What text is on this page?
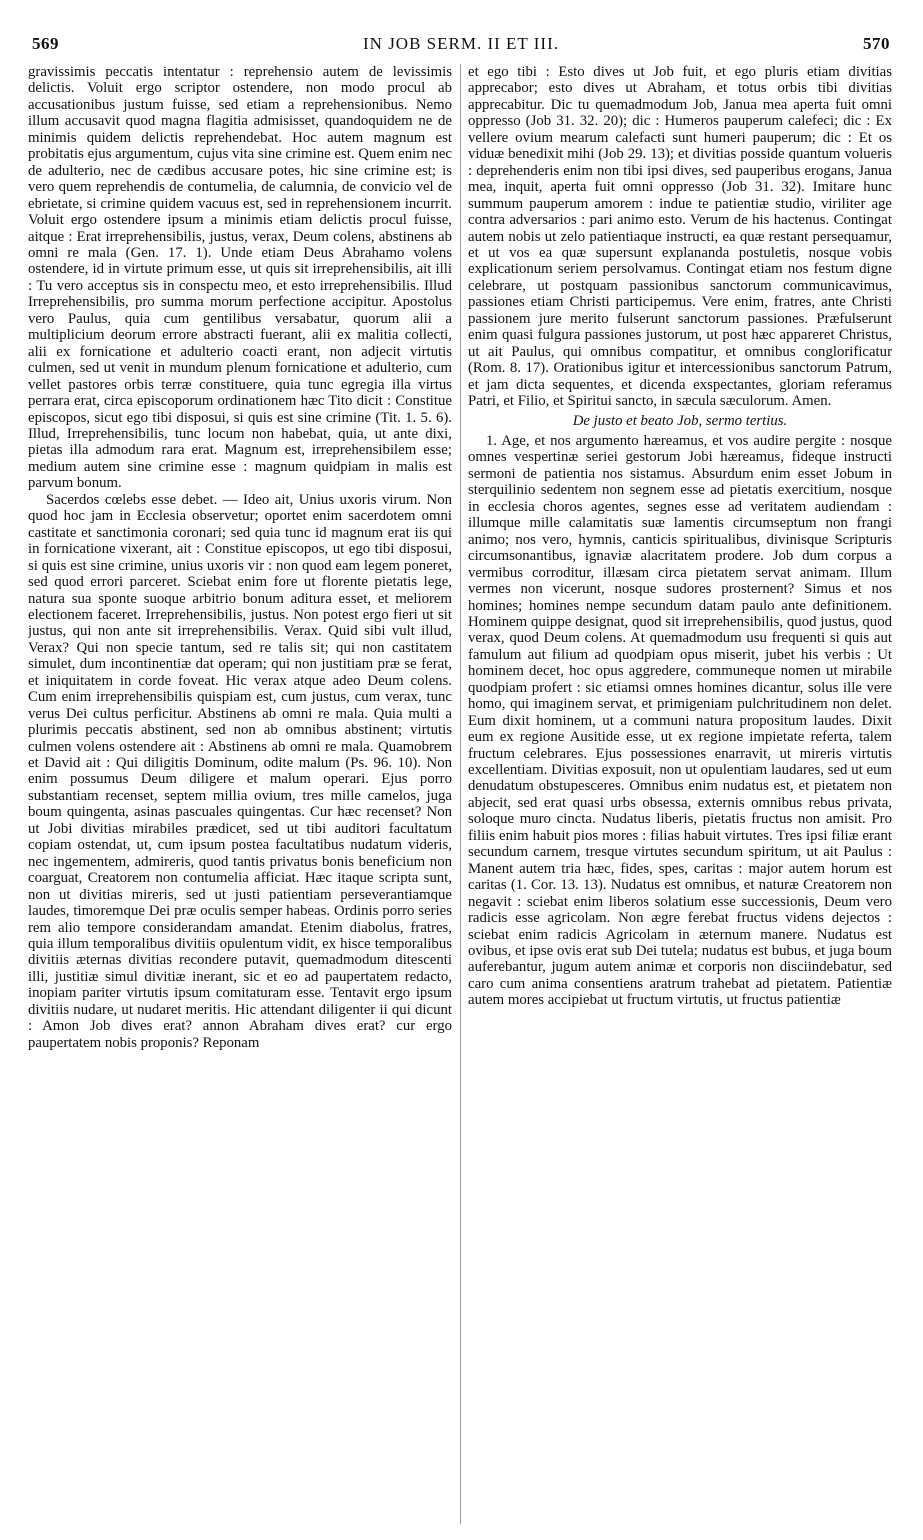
569	IN JOB SERM. II ET III.	570

gravissimis peccatis intentatur : reprehensio autem de levissimis delictis. Voluit ergo scriptor ostendere, non modo procul ab accusationibus justum fuisse, sed etiam a reprehensionibus. Nemo illum accusavit quod magna flagitia admisisset, quandoquidem ne de minimis quidem delictis reprehendebat. Hoc autem magnum est probitatis ejus argumentum, cujus vita sine crimine est. Quem enim nec de adulterio, nec de cædibus accusare potes, hic sine crimine est; is vero quem reprehendis de contumelia, de calumnia, de convicio vel de ebrietate, si crimine quidem vacuus est, sed in reprehensionem incurrit. Voluit ergo ostendere ipsum a minimis etiam delictis procul fuisse, aitque : Erat irreprehensibilis, justus, verax, Deum colens, abstinens ab omni re mala (Gen. 17. 1). Unde etiam Deus Abrahamo volens ostendere, id in virtute primum esse, ut quis sit irreprehensibilis, ait illi : Tu vero acceptus sis in conspectu meo, et esto irreprehensibilis. Illud Irreprehensibilis, pro summa morum perfectione accipitur. Apostolus vero Paulus, quia cum gentilibus versabatur, quorum alii a multiplicium deorum errore abstracti fuerant, alii ex malitia collecti, alii ex fornicatione et adulterio coacti erant, non adjecit virtutis culmen, sed ut venit in mundum plenum fornicatione et adulterio, cum vellet pastores orbis terræ constituere, quia tunc egregia illa virtus perrara erat, circa episcoporum ordinationem hæc Tito dicit : Constitue episcopos, sicut ego tibi disposui, si quis est sine crimine (Tit. 1. 5. 6). Illud, Irreprehensibilis, tunc locum non habebat, quia, ut ante dixi, pietas illa admodum rara erat. Magnum est, irreprehensibilem esse; medium autem sine crimine esse : magnum quidpiam in malis est parvum bonum.

Sacerdos cœlebs esse debet. — Ideo ait, Unius uxoris virum. Non quod hoc jam in Ecclesia observetur; oportet enim sacerdotem omni castitate et sanctimonia coronari; sed quia tunc id magnum erat iis qui in fornicatione vixerant, ait : Constitue episcopos, ut ego tibi disposui, si quis est sine crimine, unius uxoris vir : non quod eam legem poneret, sed quod errori parceret. Sciebat enim fore ut florente pietatis lege, natura sua sponte suoque arbitrio bonum aditura esset, et meliorem electionem faceret. Irreprehensibilis, justus. Non potest ergo fieri ut sit justus, qui non ante sit irreprehensibilis. Verax. Quid sibi vult illud, Verax? Qui non specie tantum, sed re talis sit; qui non castitatem simulet, dum incontinentiæ dat operam; qui non justitiam præ se ferat, et iniquitatem in corde foveat. Hic verax atque adeo Deum colens. Cum enim irreprehensibilis quispiam est, cum justus, cum verax, tunc verus Dei cultus perficitur. Abstinens ab omni re mala. Quia multi a plurimis peccatis abstinent, sed non ab omnibus abstinent; virtutis culmen volens ostendere ait : Abstinens ab omni re mala. Quamobrem et David ait : Qui diligitis Dominum, odite malum (Ps. 96. 10). Non enim possumus Deum diligere et malum operari. Ejus porro substantiam recenset, septem millia ovium, tres mille camelos, juga boum quingenta, asinas pascuales quingentas. Cur hæc recenset? Non ut Jobi divitias mirabiles prædicet, sed ut tibi auditori facultatum copiam ostendat, ut, cum ipsum postea facultatibus nudatum videris, nec ingementem, admireris, quod tantis privatus bonis beneficium non coarguat, Creatorem non contumelia afficiat. Hæc itaque scripta sunt, non ut divitias mireris, sed ut justi patientiam perseverantiamque laudes, timoremque Dei præ oculis semper habeas. Ordinis porro series rem alio tempore considerandam amandat. Etenim diabolus, fratres, quia illum temporalibus divitiis opulentum vidit, ex hisce temporalibus divitiis æternas divitias recondere putavit, quemadmodum ditescenti illi, justitiæ simul divitiæ inerant, sic et eo ad paupertatem redacto, inopiam pariter virtutis ipsum comitaturam esse. Tentavit ergo ipsum divitiis nudare, ut nudaret meritis. Hic attendant diligenter ii qui dicunt : Amon Job dives erat? annon Abraham dives erat? cur ergo paupertatem nobis proponis? Reponam

et ego tibi : Esto dives ut Job fuit, et ego pluris etiam divitias apprecabor; esto dives ut Abraham, et totus orbis tibi divitias apprecabitur. Dic tu quemadmodum Job, Janua mea aperta fuit omni oppresso (Job 31. 32. 20); dic : Humeros pauperum calefeci; dic : Ex vellere ovium mearum calefacti sunt humeri pauperum; dic : Et os viduæ benedixit mihi (Job 29. 13); et divitias posside quantum volueris : deprehenderis enim non tibi ipsi dives, sed pauperibus erogans, Janua mea, inquit, aperta fuit omni oppresso (Job 31. 32). Imitare hunc summum pauperum amorem : indue te patientiæ studio, viriliter age contra adversarios : pari animo esto. Verum de his hactenus. Contingat autem nobis ut zelo patientiaque instructi, ea quæ restant persequamur, et ut vos ea quæ supersunt explananda postuletis, nosque vobis explicationum seriem persolvamus. Contingat etiam nos festum digne celebrare, ut postquam passionibus sanctorum communicavimus, passiones etiam Christi participemus. Vere enim, fratres, ante Christi passionem jure merito fulserunt sanctorum passiones. Præfulserunt enim quasi fulgura passiones justorum, ut post hæc appareret Christus, ut ait Paulus, qui omnibus compatitur, et omnibus conglorificatur (Rom. 8. 17). Orationibus igitur et intercessionibus sanctorum Patrum, et jam dicta sequentes, et dicenda exspectantes, gloriam referamus Patri, et Filio, et Spiritui sancto, in sæcula sæculorum. Amen.

De justo et beato Job, sermo tertius.

1. Age, et nos argumento hæreamus, et vos audire pergite : nosque omnes vespertinæ seriei gestorum Jobi hæreamus, fideque instructi sermoni de patientia nos sistamus. Absurdum enim esset Jobum in sterquilinio sedentem non segnem esse ad pietatis exercitium, nosque in ecclesia choros agentes, segnes esse ad veritatem audiendam : illumque mille calamitatis suæ lamentis circumseptum non frangi animo; nos vero, hymnis, canticis spiritualibus, divinisque Scripturis circumsonantibus, ignaviæ alacritatem prodere. Job dum corpus a vermibus corroditur, illæsam circa pietatem servat animam. Illum vermes non vicerunt, nosque sudores prosternent? Simus et nos homines; homines nempe secundum datam paulo ante definitionem. Hominem quippe designat, quod sit irreprehensibilis, quod justus, quod verax, quod Deum colens. At quemadmodum usu frequenti si quis aut famulum aut filium ad quodpiam opus miserit, jubet his verbis : Ut hominem decet, hoc opus aggredere, communeque nomen ut mirabile quodpiam profert : sic etiamsi omnes homines dicantur, solus ille vere homo, qui imaginem servat, et primigeniam pulchritudinem non delet. Eum dixit hominem, ut a communi natura propositum laudes. Dixit eum ex regione Ausitide esse, ut ex regione impietate referta, talem fructum celebrares. Ejus possessiones enarravit, ut mireris virtutis excellentiam. Divitias exposuit, non ut opulentiam laudares, sed ut eum denudatum obstupesceres. Omnibus enim nudatus est, et pietatem non abjecit, sed erat quasi urbs obsessa, externis omnibus rebus privata, soloque muro cincta. Nudatus liberis, pietatis fructus non amisit. Pro filiis enim habuit pios mores : filias habuit virtutes. Tres ipsi filiæ erant secundum carnem, tresque virtutes secundum spiritum, ut ait Paulus : Manent autem tria hæc, fides, spes, caritas : major autem horum est caritas (1. Cor. 13. 13). Nudatus est omnibus, et naturæ Creatorem non negavit : sciebat enim liberos solatium esse successionis, Deum vero radicis esse agricolam. Non ægre ferebat fructus videns dejectos : sciebat enim radicis Agricolam in æternum manere. Nudatus est ovibus, et ipse ovis erat sub Dei tutela; nudatus est bubus, et juga boum auferebantur, jugum autem animæ et corporis non disciindebatur, sed caro cum anima consentiens aratrum trahebat ad pietatem. Patientiæ autem mores accipiebat ut fructum virtutis, ut fructus patientiæ
